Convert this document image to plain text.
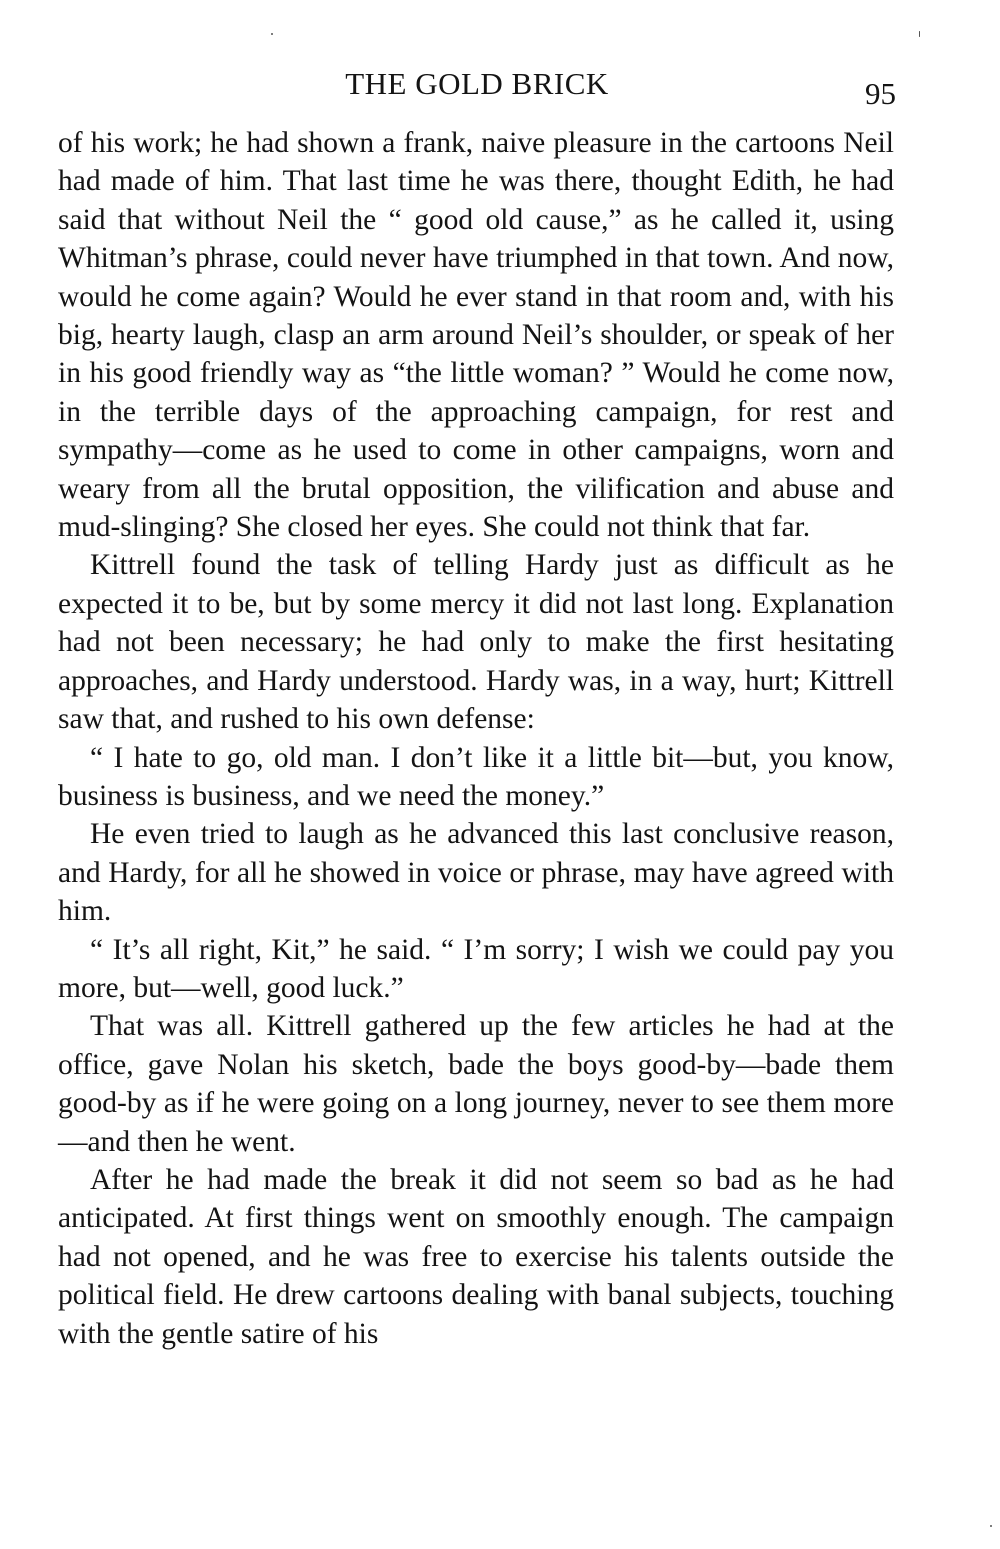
THE GOLD BRICK	95

of his work; he had shown a frank, naive pleasure in the cartoons Neil had made of him. That last time he was there, thought Edith, he had said that without Neil the “ good old cause,” as he called it, using Whitman’s phrase, could never have triumphed in that town. And now, would he come again? Would he ever stand in that room and, with his big, hearty laugh, clasp an arm around Neil’s shoulder, or speak of her in his good friendly way as “the little woman? ” Would he come now, in the terrible days of the approaching campaign, for rest and sympathy—come as he used to come in other campaigns, worn and weary from all the brutal opposition, the vilification and abuse and mud-slinging? She closed her eyes. She could not think that far.

Kittrell found the task of telling Hardy just as difficult as he expected it to be, but by some mercy it did not last long. Explanation had not been necessary; he had only to make the first hesitating approaches, and Hardy understood. Hardy was, in a way, hurt; Kittrell saw that, and rushed to his own defense:

“ I hate to go, old man. I don’t like it a little bit—but, you know, business is business, and we need the money.”

He even tried to laugh as he advanced this last conclusive reason, and Hardy, for all he showed in voice or phrase, may have agreed with him.

“ It’s all right, Kit,” he said. “ I’m sorry; I wish we could pay you more, but—well, good luck.”

That was all. Kittrell gathered up the few articles he had at the office, gave Nolan his sketch, bade the boys good-by—bade them good-by as if he were going on a long journey, never to see them more—and then he went.

After he had made the break it did not seem so bad as he had anticipated. At first things went on smoothly enough. The campaign had not opened, and he was free to exercise his talents outside the political field. He drew cartoons dealing with banal subjects, touching with the gentle satire of his
